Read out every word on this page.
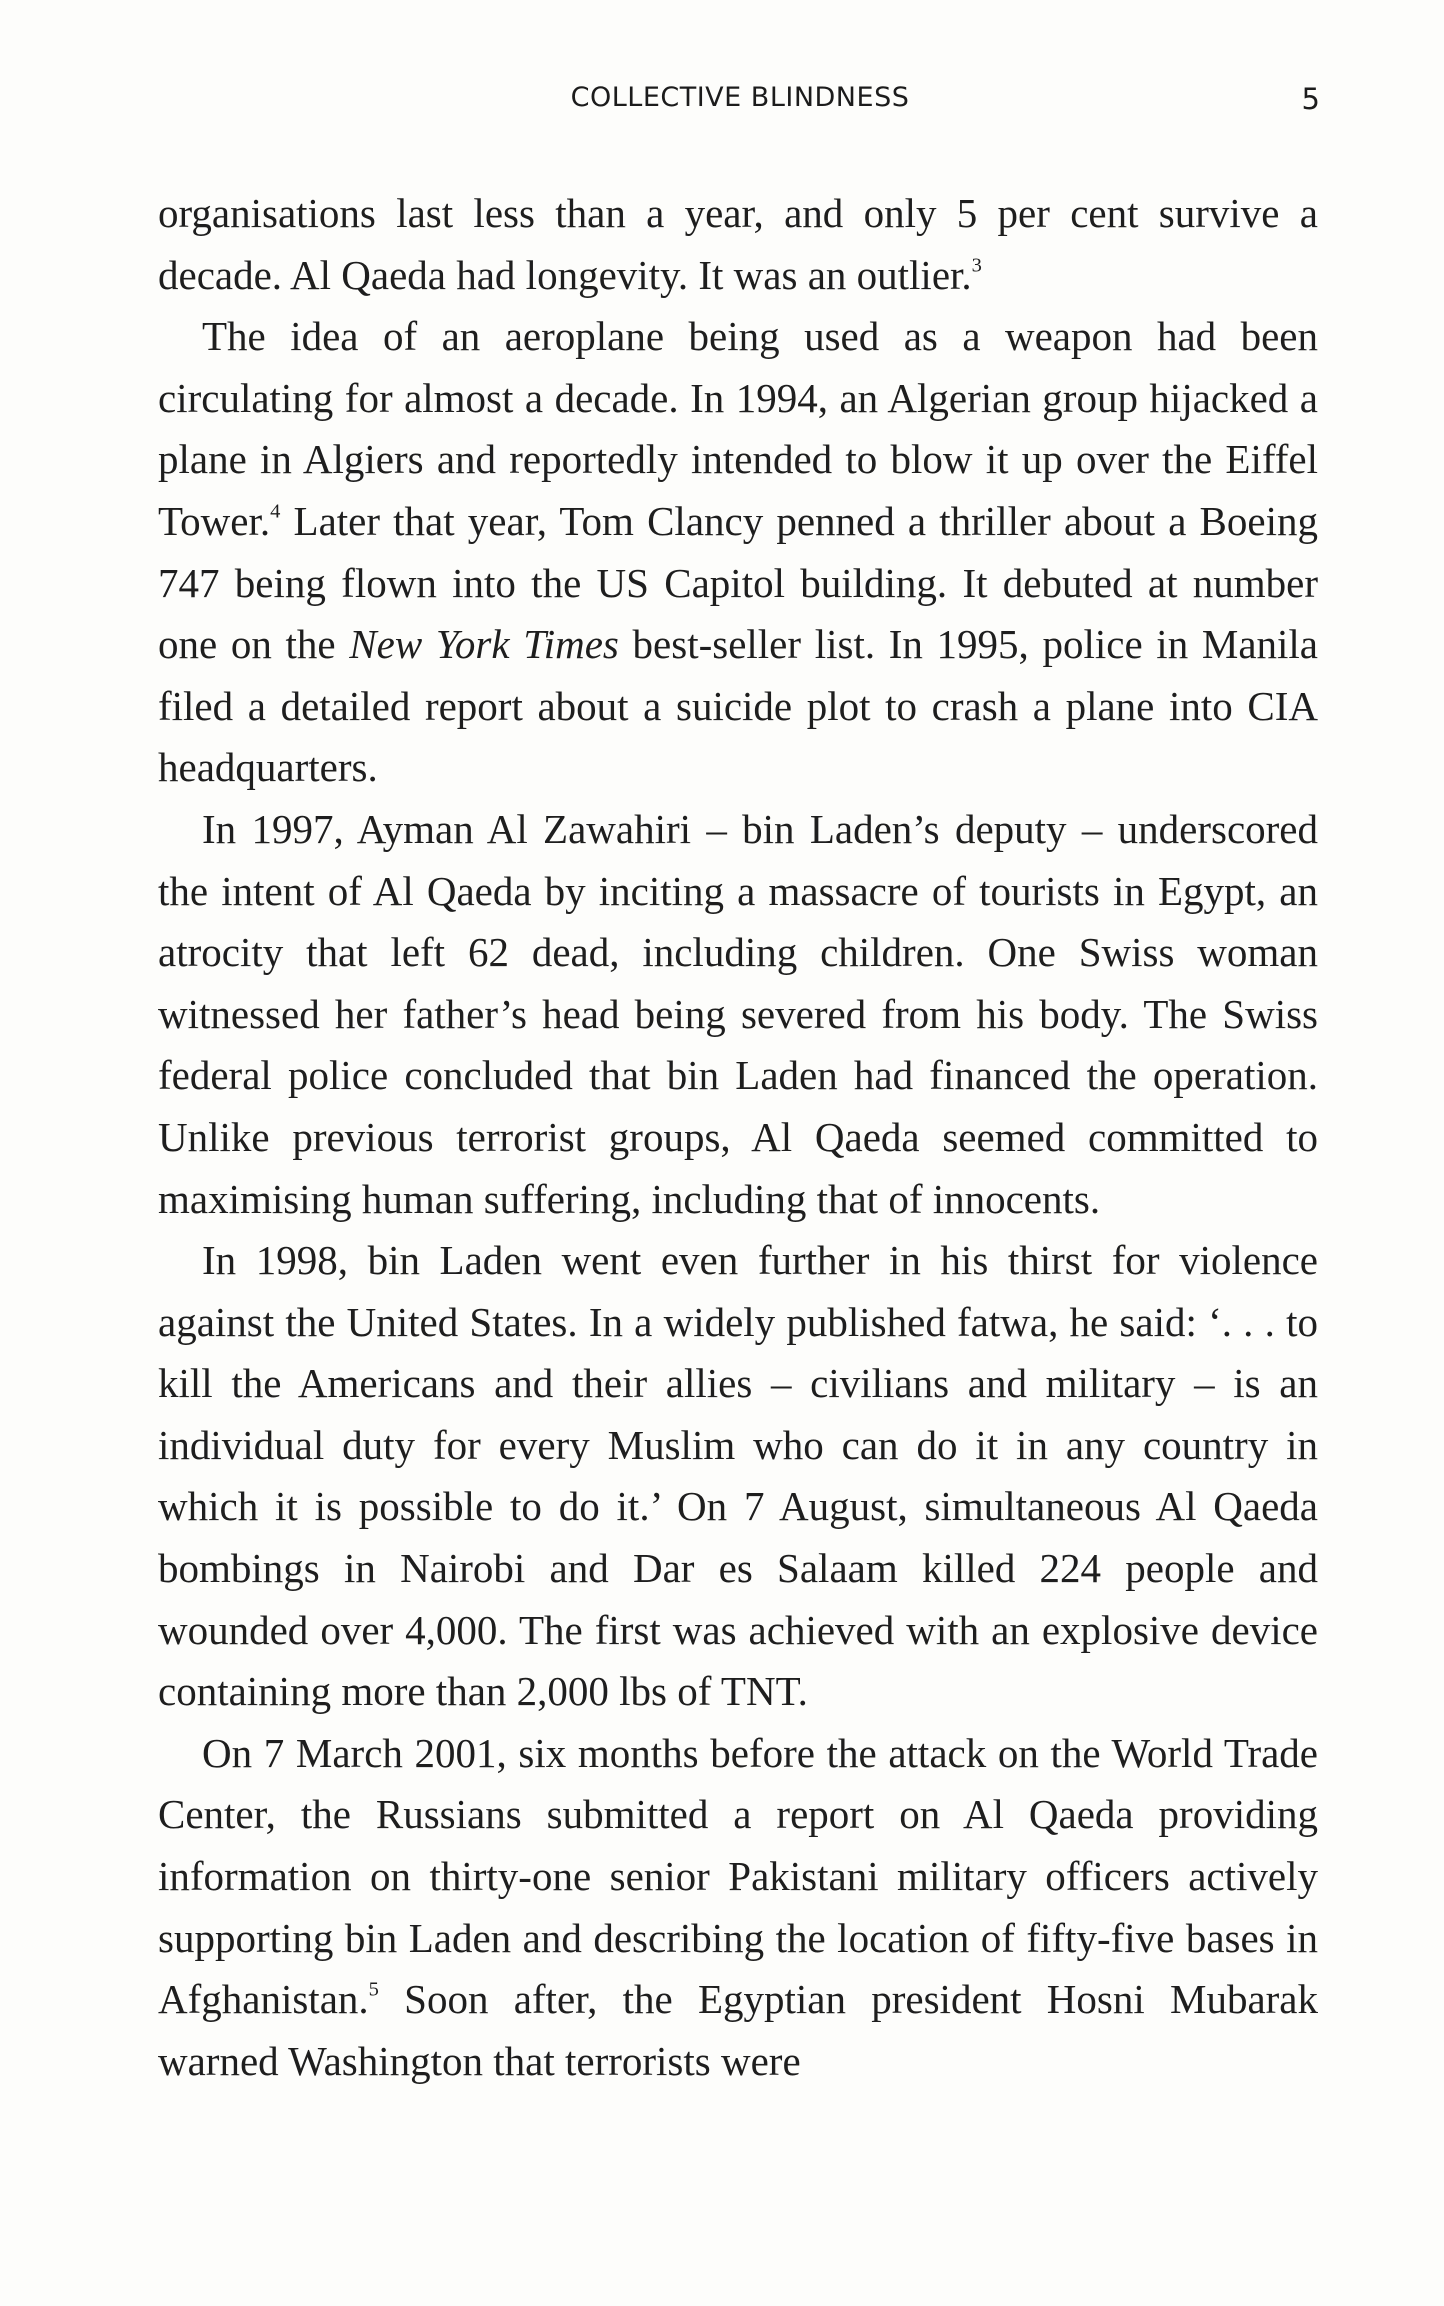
COLLECTIVE BLINDNESS	5

organisations last less than a year, and only 5 per cent survive a decade. Al Qaeda had longevity. It was an outlier.$^3$

The idea of an aeroplane being used as a weapon had been circulating for almost a decade. In 1994, an Algerian group hijacked a plane in Algiers and reportedly intended to blow it up over the Eiffel Tower.$^4$ Later that year, Tom Clancy penned a thriller about a Boeing 747 being flown into the US Capitol building. It debuted at number one on the New York Times best-seller list. In 1995, police in Manila filed a detailed report about a suicide plot to crash a plane into CIA headquarters.

In 1997, Ayman Al Zawahiri – bin Laden’s deputy – underscored the intent of Al Qaeda by inciting a massacre of tourists in Egypt, an atrocity that left 62 dead, including children. One Swiss woman witnessed her father’s head being severed from his body. The Swiss federal police concluded that bin Laden had financed the operation. Unlike previous terrorist groups, Al Qaeda seemed committed to maximising human suffering, including that of innocents.

In 1998, bin Laden went even further in his thirst for violence against the United States. In a widely published fatwa, he said: ‘. . . to kill the Americans and their allies – civilians and military – is an individual duty for every Muslim who can do it in any country in which it is possible to do it.’ On 7 August, simultaneous Al Qaeda bombings in Nairobi and Dar es Salaam killed 224 people and wounded over 4,000. The first was achieved with an explosive device containing more than 2,000 lbs of TNT.

On 7 March 2001, six months before the attack on the World Trade Center, the Russians submitted a report on Al Qaeda providing information on thirty-one senior Pakistani military officers actively supporting bin Laden and describing the location of fifty-five bases in Afghanistan.$^5$ Soon after, the Egyptian president Hosni Mubarak warned Washington that terrorists were
